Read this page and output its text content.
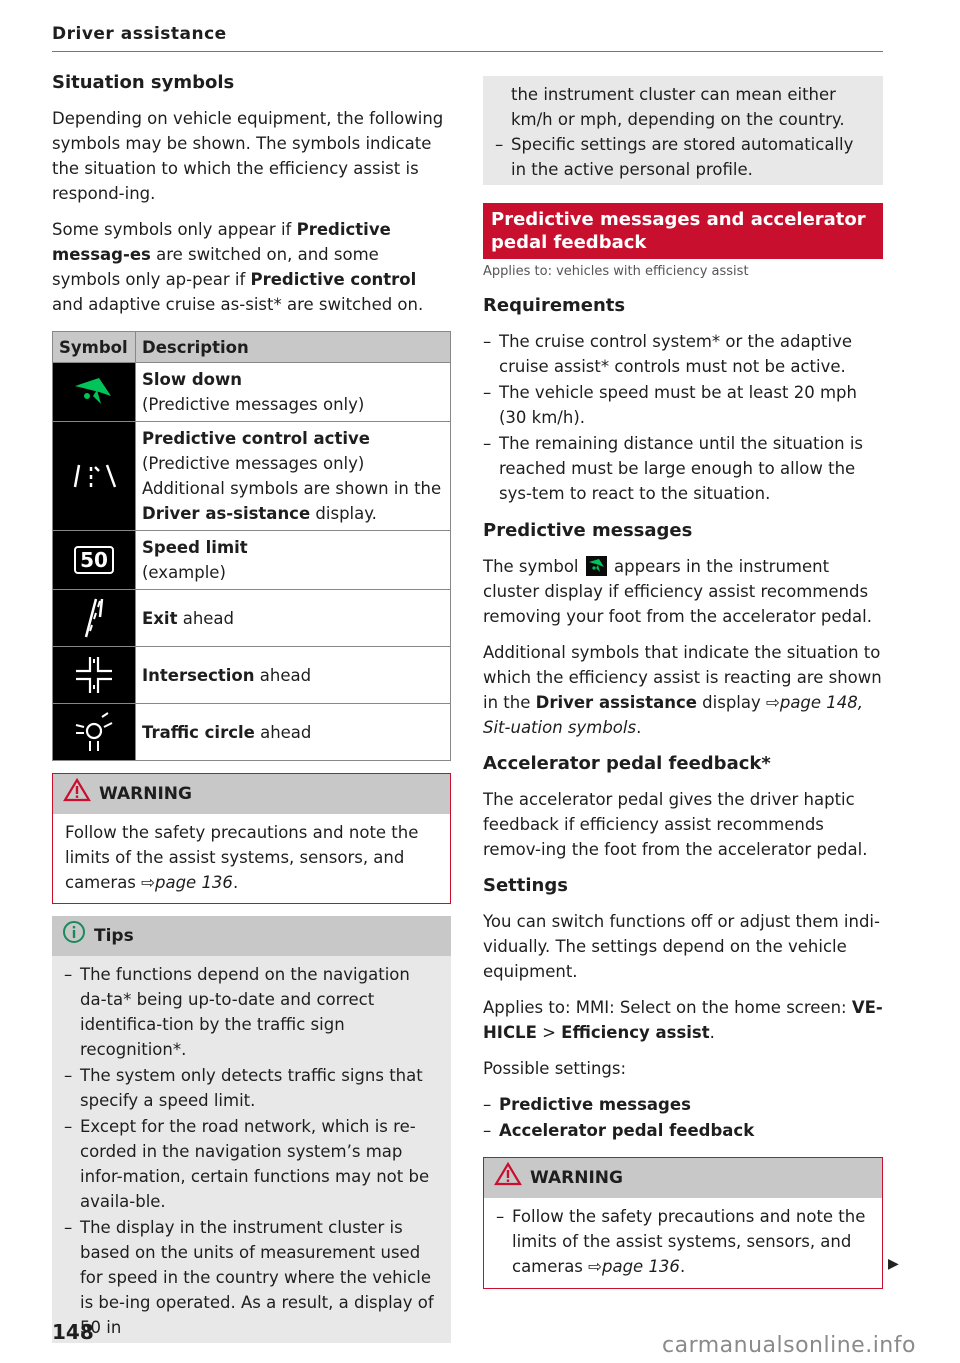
Driver assistance
Situation symbols

Depending on vehicle equipment, the following symbols may be shown. The symbols indicate the situation to which the efficiency assist is respond-ing.

Some symbols only appear if Predictive messag-es are switched on, and some symbols only ap-pear if Predictive control and adaptive cruise as-sist* are switched on.

Symbol	Description

	Slow down
(Predictive messages only)

	Predictive control active
(Predictive messages only) Additional symbols are shown in the Driver as-sistance display.
50	Speed limit
(example)

	Exit ahead

	Intersection ahead

	Traffic circle ahead
WARNING
Follow the safety precautions and note the limits of the assist systems, sensors, and cameras ⇨page 136.
Tips
– The functions depend on the navigation da-ta* being up-to-date and correct identifica-tion by the traffic sign recognition*.
– The system only detects traffic signs that specify a speed limit.
– Except for the road network, which is re-corded in the navigation system’s map infor-mation, certain functions may not be availa-ble.
– The display in the instrument cluster is based on the units of measurement used for speed in the country where the vehicle is be-ing operated. As a result, a display of 50 in
the instrument cluster can mean either km/h or mph, depending on the country.
– Specific settings are stored automatically in the active personal profile.
Predictive messages and accelerator pedal feedback
Applies to: vehicles with efficiency assist
Requirements
– The cruise control system* or the adaptive cruise assist* controls must not be active.
– The vehicle speed must be at least 20 mph (30 km/h).
– The remaining distance until the situation is reached must be large enough to allow the sys-tem to react to the situation.
Predictive messages

The symbol  appears in the instrument cluster display if efficiency assist recommends removing your foot from the accelerator pedal.

Additional symbols that indicate the situation to which the efficiency assist is reacting are shown in the Driver assistance display ⇨page 148, Sit-uation symbols.

Accelerator pedal feedback*

The accelerator pedal gives the driver haptic feedback if efficiency assist recommends remov-ing the foot from the accelerator pedal.

Settings

You can switch functions off or adjust them indi-vidually. The settings depend on the vehicle equipment.

Applies to: MMI: Select on the home screen: VE-HICLE > Efficiency assist.

Possible settings:

– Predictive messages
– Accelerator pedal feedback
WARNING
– Follow the safety precautions and note the limits of the assist systems, sensors, and cameras ⇨page 136.	▶
148
carmanualsonline.info
